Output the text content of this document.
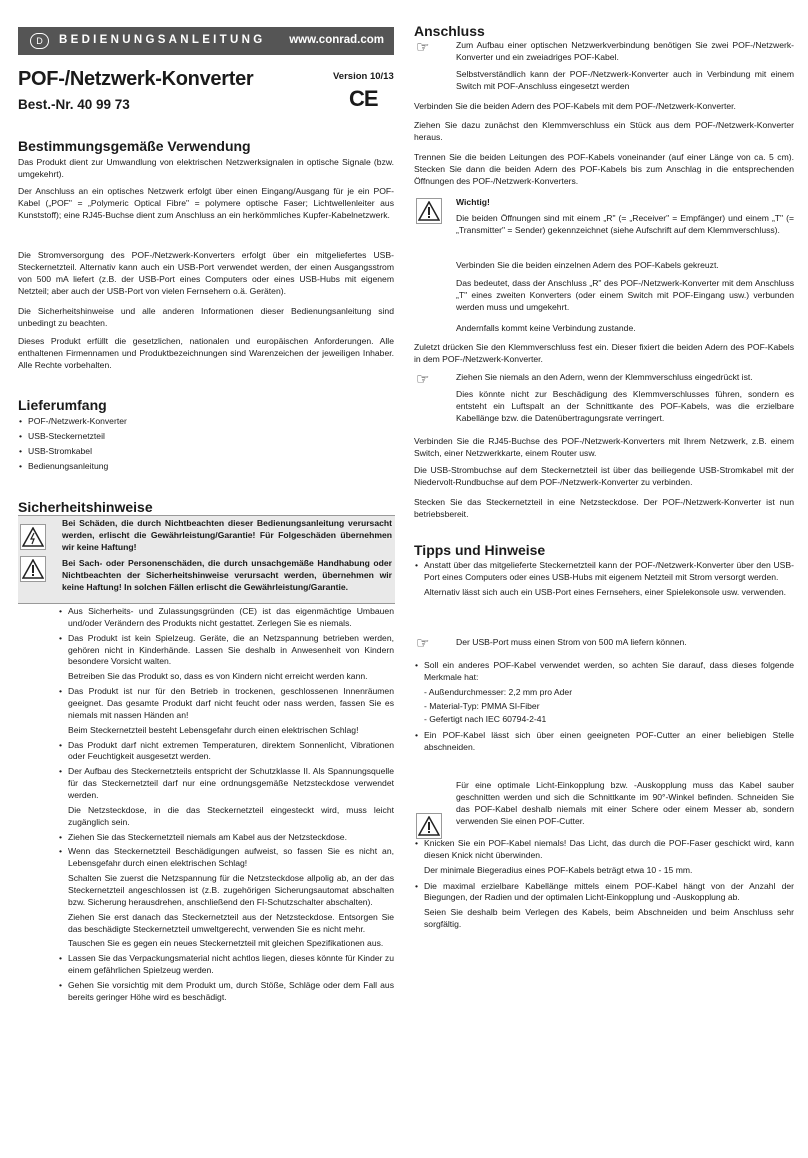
D	BEDIENUNGSANLEITUNG www.conrad.com
POF-/Netzwerk-Konverter	Version 10/13
CE
Best.-Nr. 40 99 73
Bestimmungsgemäße Verwendung
Das Produkt dient zur Umwandlung von elektrischen Netzwerksignalen in optische Signale (bzw. umgekehrt).
Der Anschluss an ein optisches Netzwerk erfolgt über einen Eingang/Ausgang für je ein POF-Kabel („POF" = „Polymeric Optical Fibre" = polymere optische Faser; Lichtwellenleiter aus Kunststoff); eine RJ45-Buchse dient zum Anschluss an ein herkömmliches Kupfer-Kabelnetzwerk.
Die Stromversorgung des POF-/Netzwerk-Konverters erfolgt über ein mitgeliefertes USB-Steckernetzteil. Alternativ kann auch ein USB-Port verwendet werden, der einen Ausgangsstrom von 500 mA liefert (z.B. der USB-Port eines Computers oder eines USB-Hubs mit eigenem Netzteil; aber auch der USB-Port von vielen Fernsehern o.ä. Geräten).
Die Sicherheitshinweise und alle anderen Informationen dieser Bedienungsanleitung sind unbedingt zu beachten.
Dieses Produkt erfüllt die gesetzlichen, nationalen und europäischen Anforderungen. Alle enthaltenen Firmennamen und Produktbezeichnungen sind Warenzeichen der jeweiligen Inhaber. Alle Rechte vorbehalten.
Lieferumfang
• POF-/Netzwerk-Konverter
• USB-Steckernetzteil
• USB-Stromkabel
• Bedienungsanleitung
Sicherheitshinweise
Bei Schäden, die durch Nichtbeachten dieser Bedienungsanleitung verursacht werden, erlischt die Gewährleistung/Garantie! Für Folgeschäden übernehmen wir keine Haftung!
Bei Sach- oder Personenschäden, die durch unsachgemäße Handhabung oder Nichtbeachten der Sicherheitshinweise verursacht werden, übernehmen wir keine Haftung! In solchen Fällen erlischt die Gewährleistung/Garantie.
• Aus Sicherheits- und Zulassungsgründen (CE) ist das eigenmächtige Umbauen und/oder Verändern des Produkts nicht gestattet. Zerlegen Sie es niemals.
• Das Produkt ist kein Spielzeug. Geräte, die an Netzspannung betrieben werden, gehören nicht in Kinderhände. Lassen Sie deshalb in Anwesenheit von Kindern besondere Vorsicht walten.
Betreiben Sie das Produkt so, dass es von Kindern nicht erreicht werden kann.
• Das Produkt ist nur für den Betrieb in trockenen, geschlossenen Innenräumen geeignet. Das gesamte Produkt darf nicht feucht oder nass werden, fassen Sie es niemals mit nassen Händen an!
Beim Steckernetzteil besteht Lebensgefahr durch einen elektrischen Schlag!
• Das Produkt darf nicht extremen Temperaturen, direktem Sonnenlicht, Vibrationen oder Feuchtigkeit ausgesetzt werden.
• Der Aufbau des Steckernetzteils entspricht der Schutzklasse II. Als Spannungsquelle für das Steckernetzteil darf nur eine ordnungsgemäße Netzsteckdose verwendet werden.
Die Netzsteckdose, in die das Steckernetzteil eingesteckt wird, muss leicht zugänglich sein.
• Ziehen Sie das Steckernetzteil niemals am Kabel aus der Netzsteckdose.
• Wenn das Steckernetzteil Beschädigungen aufweist, so fassen Sie es nicht an, Lebensgefahr durch einen elektrischen Schlag!
Schalten Sie zuerst die Netzspannung für die Netzsteckdose allpolig ab, an der das Steckernetzteil angeschlossen ist (z.B. zugehörigen Sicherungsautomat abschalten bzw. Sicherung herausdrehen, anschließend den FI-Schutzschalter abschalten).
Ziehen Sie erst danach das Steckernetzteil aus der Netzsteckdose. Entsorgen Sie das beschädigte Steckernetzteil umweltgerecht, verwenden Sie es nicht mehr.
Tauschen Sie es gegen ein neues Steckernetzteil mit gleichen Spezifikationen aus.
• Lassen Sie das Verpackungsmaterial nicht achtlos liegen, dieses könnte für Kinder zu einem gefährlichen Spielzeug werden.
• Gehen Sie vorsichtig mit dem Produkt um, durch Stöße, Schläge oder dem Fall aus bereits geringer Höhe wird es beschädigt.
Anschluss
☞	Zum Aufbau einer optischen Netzwerkverbindung benötigen Sie zwei POF-/Netzwerk-Konverter und ein zweiadriges POF-Kabel.
Selbstverständlich kann der POF-/Netzwerk-Konverter auch in Verbindung mit einem Switch mit POF-Anschluss eingesetzt werden
Verbinden Sie die beiden Adern des POF-Kabels mit dem POF-/Netzwerk-Konverter.
Ziehen Sie dazu zunächst den Klemmverschluss ein Stück aus dem POF-/Netzwerk-Konverter heraus.
Trennen Sie die beiden Leitungen des POF-Kabels voneinander (auf einer Länge von ca. 5 cm). Stecken Sie dann die beiden Adern des POF-Kabels bis zum Anschlag in die entsprechenden Öffnungen des POF-/Netzwerk-Konverters.
Wichtig!
Die beiden Öffnungen sind mit einem „R" (= „Receiver" = Empfänger) und einem „T" (= „Transmitter" = Sender) gekennzeichnet (siehe Aufschrift auf dem Klemmverschluss).
Verbinden Sie die beiden einzelnen Adern des POF-Kabels gekreuzt.
Das bedeutet, dass der Anschluss „R" des POF-/Netzwerk-Konverter mit dem Anschluss „T" eines zweiten Konverters (oder einem Switch mit POF-Eingang usw.) verbunden werden muss und umgekehrt.
Andernfalls kommt keine Verbindung zustande.
Zuletzt drücken Sie den Klemmverschluss fest ein. Dieser fixiert die beiden Adern des POF-Kabels in dem POF-/Netzwerk-Konverter.
☞	Ziehen Sie niemals an den Adern, wenn der Klemmverschluss eingedrückt ist.
Dies könnte nicht zur Beschädigung des Klemmverschlusses führen, sondern es entsteht ein Luftspalt an der Schnittkante des POF-Kabels, was die erzielbare Kabellänge bzw. die Datenübertragungsrate verringert.
Verbinden Sie die RJ45-Buchse des POF-/Netzwerk-Konverters mit Ihrem Netzwerk, z.B. einem Switch, einer Netzwerkkarte, einem Router usw.
Die USB-Strombuchse auf dem Steckernetzteil ist über das beiliegende USB-Stromkabel mit der Niedervolt-Rundbuchse auf dem POF-/Netzwerk-Konverter zu verbinden.
Stecken Sie das Steckernetzteil in eine Netzsteckdose. Der POF-/Netzwerk-Konverter ist nun betriebsbereit.
Tipps und Hinweise
• Anstatt über das mitgelieferte Steckernetzteil kann der POF-/Netzwerk-Konverter über den USB-Port eines Computers oder eines USB-Hubs mit eigenem Netzteil mit Strom versorgt werden.
Alternativ lässt sich auch ein USB-Port eines Fernsehers, einer Spielekonsole usw. verwenden.
☞	Der USB-Port muss einen Strom von 500 mA liefern können.
• Soll ein anderes POF-Kabel verwendet werden, so achten Sie darauf, dass dieses folgende Merkmale hat:
- Außendurchmesser: 2,2 mm pro Ader
- Material-Typ: PMMA SI-Fiber
- Gefertigt nach IEC 60794-2-41
• Ein POF-Kabel lässt sich über einen geeigneten POF-Cutter an einer beliebigen Stelle abschneiden.
Für eine optimale Licht-Einkopplung bzw. -Auskopplung muss das Kabel sauber geschnitten werden und sich die Schnittkante im 90°-Winkel befinden. Schneiden Sie das POF-Kabel deshalb niemals mit einer Schere oder einem Messer ab, sondern verwenden Sie einen POF-Cutter.
• Knicken Sie ein POF-Kabel niemals! Das Licht, das durch die POF-Faser geschickt wird, kann diesen Knick nicht überwinden.
Der minimale Biegeradius eines POF-Kabels beträgt etwa 10 - 15 mm.
• Die maximal erzielbare Kabellänge mittels einem POF-Kabel hängt von der Anzahl der Biegungen, der Radien und der optimalen Licht-Einkopplung und -Auskopplung ab.
Seien Sie deshalb beim Verlegen des Kabels, beim Abschneiden und beim Anschluss sehr sorgfältig.
